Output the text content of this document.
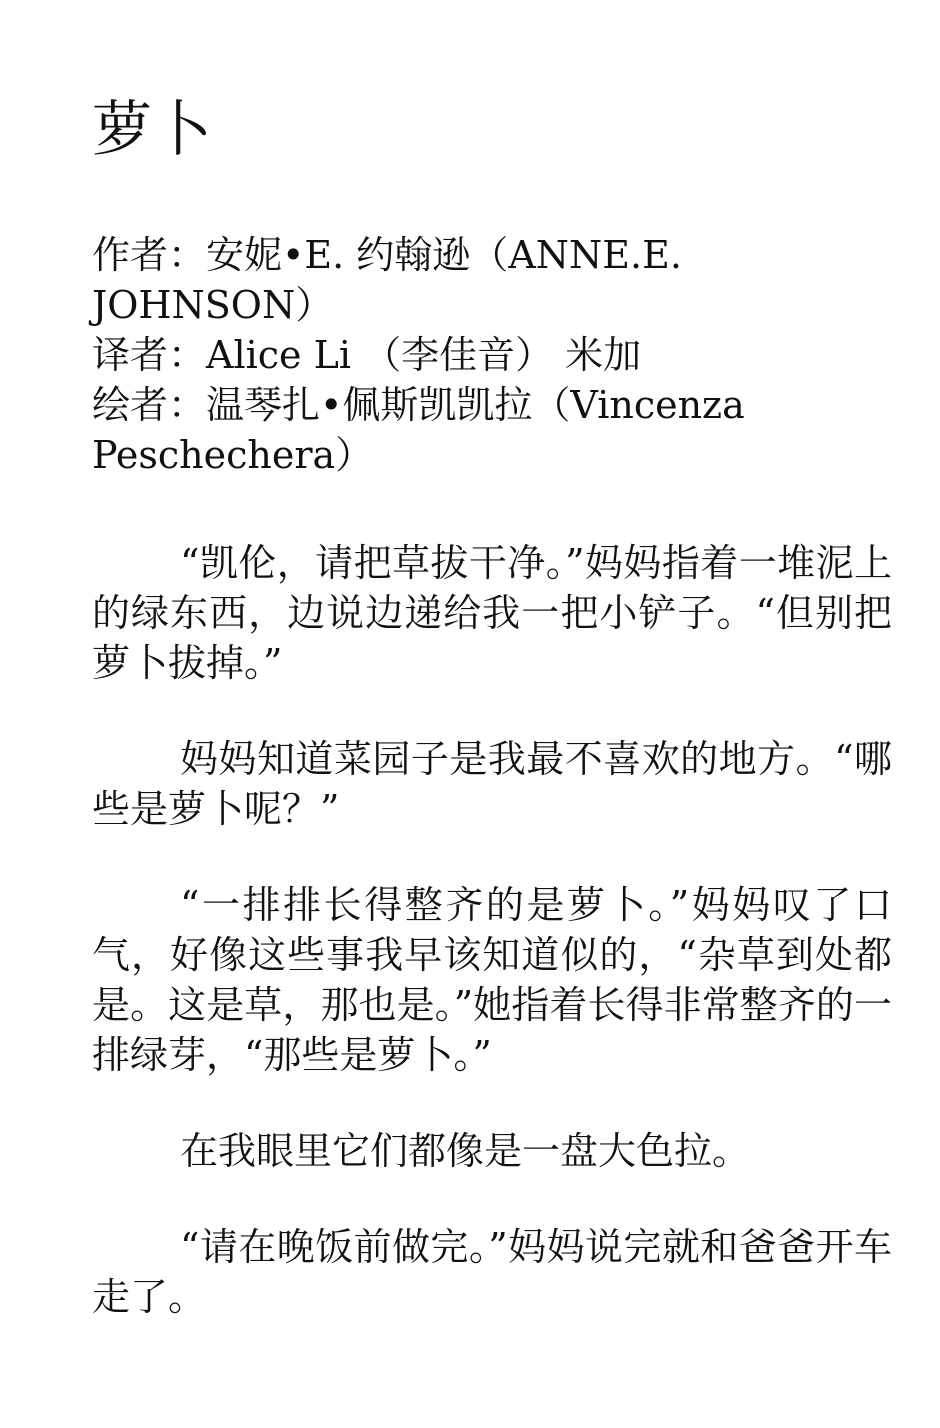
萝卜
作者：安妮•E. 约翰逊（ANNE.E. JOHNSON）
译者：Alice Li （李佳音） 米加
绘者：温琴扎•佩斯凯凯拉（Vincenza Peschechera）

“凯伦，请把草拔干净。”妈妈指着一堆泥上的绿东西，边说边递给我一把小铲子。“但别把萝卜拔掉。”

妈妈知道菜园子是我最不喜欢的地方。“哪些是萝卜呢？”

“一排排长得整齐的是萝卜。”妈妈叹了口气，好像这些事我早该知道似的，“杂草到处都是。这是草，那也是。”她指着长得非常整齐的一排绿芽，“那些是萝卜。”

在我眼里它们都像是一盘大色拉。

“请在晚饭前做完。”妈妈说完就和爸爸开车走了。
